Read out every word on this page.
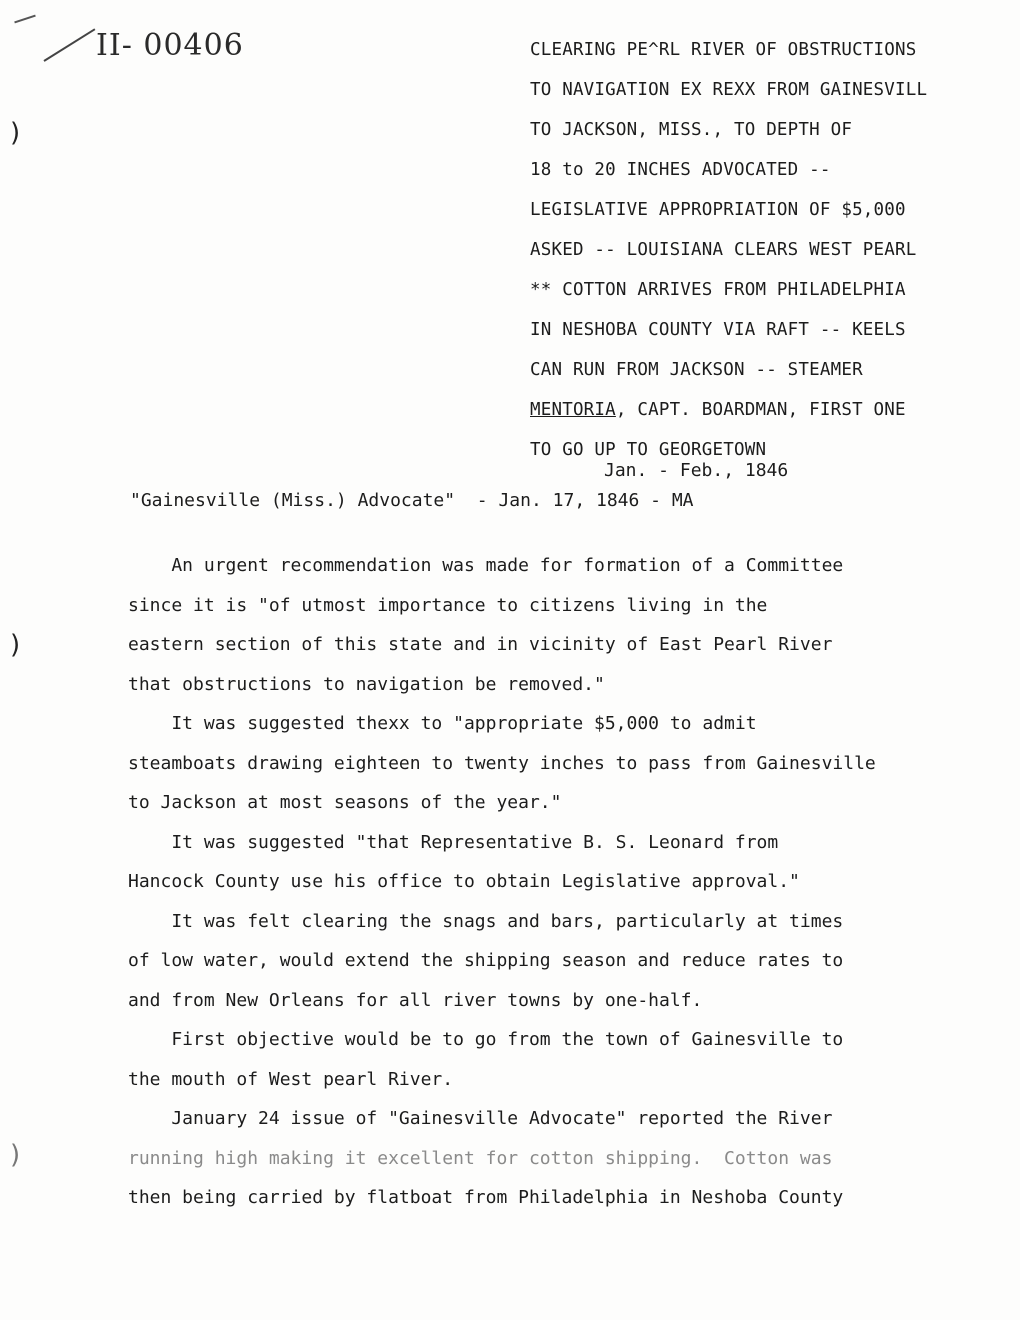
II- 00406
)
)
)
CLEARING PE^RL RIVER OF OBSTRUCTIONS
TO NAVIGATION EX REXX FROM GAINESVILL
TO JACKSON, MISS., TO DEPTH OF
18 to 20 INCHES ADVOCATED --
LEGISLATIVE APPROPRIATION OF $5,000
ASKED -- LOUISIANA CLEARS WEST PEARL
** COTTON ARRIVES FROM PHILADELPHIA
IN NESHOBA COUNTY VIA RAFT -- KEELS
CAN RUN FROM JACKSON -- STEAMER
MENTORIA, CAPT. BOARDMAN, FIRST ONE
TO GO UP TO GEORGETOWN
Jan. - Feb., 1846
"Gainesville (Miss.) Advocate"  - Jan. 17, 1846 - MA
An urgent recommendation was made for formation of a Committee
since it is "of utmost importance to citizens living in the
eastern section of this state and in vicinity of East Pearl River
that obstructions to navigation be removed."
It was suggested thexx to "appropriate $5,000 to admit
steamboats drawing eighteen to twenty inches to pass from Gainesville
to Jackson at most seasons of the year."
It was suggested "that Representative B. S. Leonard from
Hancock County use his office to obtain Legislative approval."
It was felt clearing the snags and bars, particularly at times
of low water, would extend the shipping season and reduce rates to
and from New Orleans for all river towns by one-half.
First objective would be to go from the town of Gainesville to
the mouth of West pearl River.
January 24 issue of "Gainesville Advocate" reported the River
running high making it excellent for cotton shipping.  Cotton was
then being carried by flatboat from Philadelphia in Neshoba County
